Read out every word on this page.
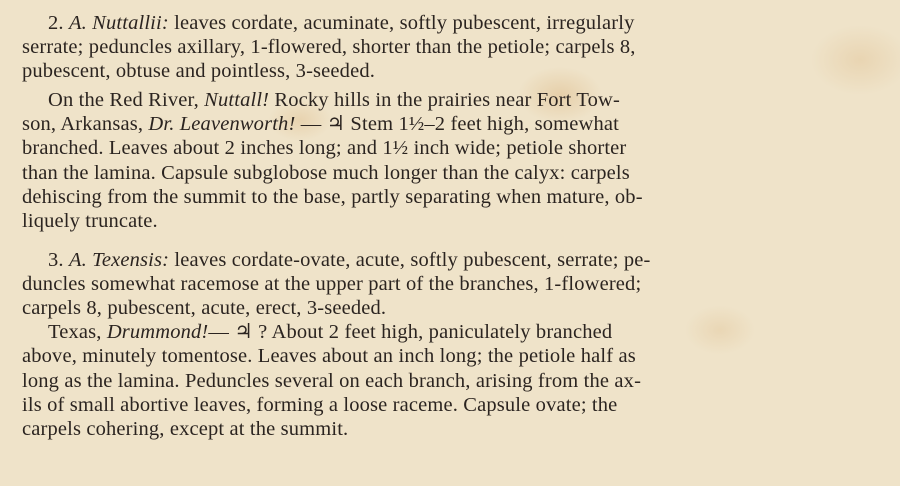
2. A. Nuttallii: leaves cordate, acuminate, softly pubescent, irregularly
serrate; peduncles axillary, 1-flowered, shorter than the petiole; carpels 8,
pubescent, obtuse and pointless, 3-seeded.
On the Red River, Nuttall! Rocky hills in the prairies near Fort Tow-
son, Arkansas, Dr. Leavenworth! — ♃ Stem 1½–2 feet high, somewhat
branched. Leaves about 2 inches long; and 1½ inch wide; petiole shorter
than the lamina. Capsule subglobose much longer than the calyx: carpels
dehiscing from the summit to the base, partly separating when mature, ob-
liquely truncate.
3. A. Texensis: leaves cordate-ovate, acute, softly pubescent, serrate; pe-
duncles somewhat racemose at the upper part of the branches, 1-flowered;
carpels 8, pubescent, acute, erect, 3-seeded.
Texas, Drummond!— ♃ ? About 2 feet high, paniculately branched
above, minutely tomentose. Leaves about an inch long; the petiole half as
long as the lamina. Peduncles several on each branch, arising from the ax-
ils of small abortive leaves, forming a loose raceme. Capsule ovate; the
carpels cohering, except at the summit.
